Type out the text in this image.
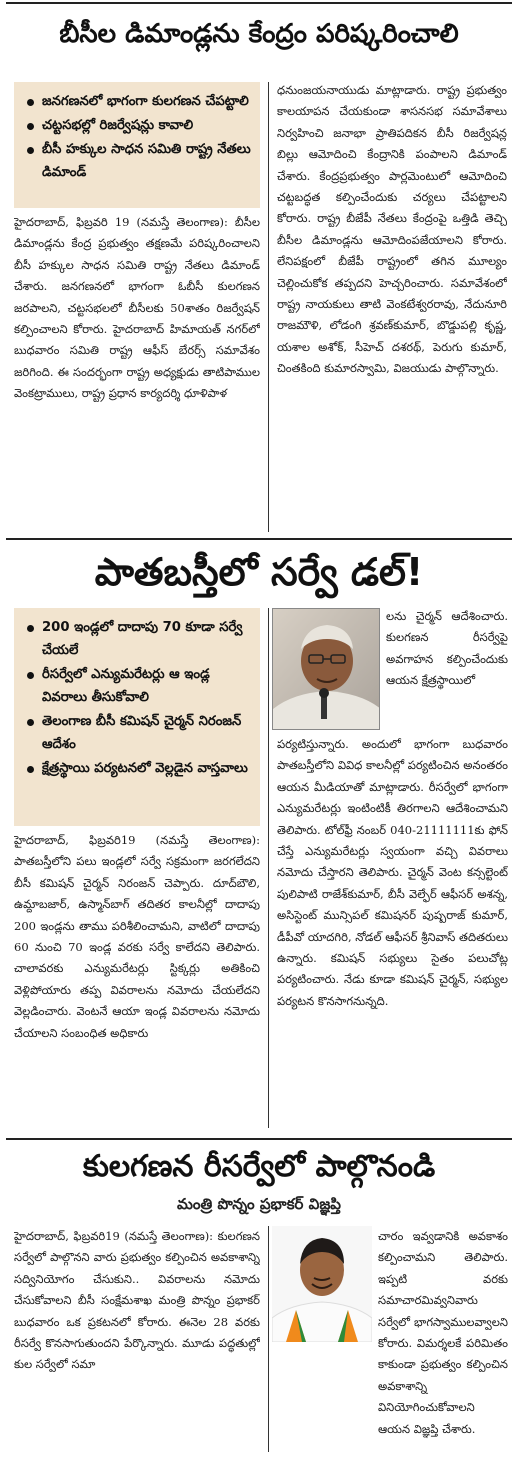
బీసీల డిమాండ్లను కేంద్రం పరిష్కరించాలి
జనగణనలో భాగంగా కులగణన చేపట్టాలి
చట్టసభల్లో రిజర్వేషన్లు కావాలి
బీసీ హక్కుల సాధన సమితి రాష్ట్ర నేతలు డిమాండ్

హైదరాబాద్, ఫిబ్రవరి 19 (నమస్తే తెలంగాణ): బీసీల డిమాండ్లను కేంద్ర ప్రభుత్వం తక్షణమే పరిష్కరించాలని బీసీ హక్కుల సాధన సమితి రాష్ట్ర నేతలు డిమాండ్ చేశారు. జనగణనలో భాగంగా ఓబీసీ కులగణన జరపాలని, చట్టసభలలో బీసీలకు 50శాతం రిజర్వేషన్ కల్పించాలని కోరారు. హైదరాబాద్ హిమాయత్ నగర్‌లో బుధవారం సమితి రాష్ట్ర ఆఫీస్ బేరర్స్ సమావేశం జరిగింది. ఈ సందర్భంగా రాష్ట్ర అధ్యక్షుడు తాటిపాముల వెంకట్రాములు, రాష్ట్ర ప్రధాన కార్యదర్శి ధూళిపాళ

ధనుంజయనాయుడు మాట్లాడారు. రాష్ట్ర ప్రభుత్వం కాలయాపన చేయకుండా శాసనసభ సమావేశాలు నిర్వహించి జనాభా ప్రాతిపదికన బీసీ రిజర్వేషన్ల బిల్లు ఆమోదించి కేంద్రానికి పంపాలని డిమాండ్ చేశారు. కేంద్రప్రభుత్వం పార్లమెంటులో ఆమోదించి చట్టబద్ధత కల్పించేందుకు చర్యలు చేపట్టాలని కోరారు. రాష్ట్ర బీజేపీ నేతలు కేంద్రంపై ఒత్తిడి తెచ్చి బీసీల డిమాండ్లను ఆమోదింపజేయాలని కోరారు. లేనిపక్షంలో బీజేపీ రాష్ట్రంలో తగిన మూల్యం చెల్లించుకోక తప్పదని హెచ్చరించారు. సమావేశంలో రాష్ట్ర నాయకులు తాటి వెంకటేశ్వరరావు, నేదునూరి రాజమౌళి, లోడంగి శ్రవణ్‌కుమార్, బొడ్డుపల్లి కృష్ణ, యశాల అశోక్, సీహెచ్ దశరథ్, పెరుగు కుమార్, చింతకింది కుమారస్వామి, విజయుడు పాల్గొన్నారు.

పాతబస్తీలో సర్వే డల్!
200 ఇండ్లలో దాదాపు 70 కూడా సర్వే చేయలే
రీసర్వేలో ఎన్యుమరేటర్లు ఆ ఇండ్ల వివరాలు తీసుకోవాలి
తెలంగాణ బీసీ కమిషన్ చైర్మన్ నిరంజన్ ఆదేశం
క్షేత్రస్థాయి పర్యటనలో వెల్లడైన వాస్తవాలు

హైదరాబాద్, ఫిబ్రవరి19 (నమస్తే తెలంగాణ): పాతబస్తీలోని పలు ఇండ్లలో సర్వే సక్రమంగా జరగలేదని బీసీ కమిషన్ చైర్మన్ నిరంజన్ చెప్పారు. దూద్‌బౌలి, ఉమ్దాబజార్, ఉస్మాన్‌బాగ్ తదితర కాలనీల్లో దాదాపు 200 ఇండ్లను తాము పరిశీలించామని, వాటిలో దాదాపు 60 నుంచి 70 ఇండ్ల వరకు సర్వే కాలేదని తెలిపారు. చాలావరకు ఎన్యుమరేటర్లు స్టిక్కర్లు అతికించి వెళ్లిపోయారు తప్ప వివరాలను నమోదు చేయలేదని వెల్లడించారు. వెంటనే ఆయా ఇండ్ల వివరాలను నమోదు చేయాలని సంబంధిత అధికారు

లను చైర్మన్ ఆదేశించారు. కులగణన రీసర్వేపై అవగాహన కల్పించేందుకు ఆయన క్షేత్రస్థాయిలో

పర్యటిస్తున్నారు. అందులో భాగంగా బుధవారం పాతబస్తీలోని వివిధ కాలనీల్లో పర్యటించిన అనంతరం ఆయన మీడియాతో మాట్లాడారు. రీసర్వేలో భాగంగా ఎన్యుమరేటర్లు ఇంటింటికీ తిరగాలని ఆదేశించామని తెలిపారు. టోల్‌ఫ్రీ నంబర్ 040-21111111కు ఫోన్ చేస్తే ఎన్యుమరేటర్లు స్వయంగా వచ్చి వివరాలు నమోదు చేస్తారని తెలిపారు. చైర్మన్ వెంట కన్సల్టెంట్ పులిపాటి రాజేశ్‌కుమార్, బీసీ వెల్ఫేర్ ఆఫీసర్ అశన్న, అసిస్టెంట్ మున్సిపల్ కమిషనర్ పుష్పరాజ్ కుమార్, డీపీవో యాదగిరి, నోడల్ ఆఫీసర్ శ్రీనివాస్ తదితరులు ఉన్నారు. కమిషన్ సభ్యులు సైతం పలుచోట్ల పర్యటించారు. నేడు కూడా కమిషన్ చైర్మన్, సభ్యుల పర్యటన కొనసాగనున్నది.

కులగణన రీసర్వేలో పాల్గొనండి
మంత్రి పొన్నం ప్రభాకర్ విజ్ఞప్తి

హైదరాబాద్, ఫిబ్రవరి19 (నమస్తే తెలంగాణ): కులగణన సర్వేలో పాల్గొనని వారు ప్రభుత్వం కల్పించిన అవకాశాన్ని సద్వినియోగం చేసుకుని.. వివరాలను నమోదు చేసుకోవాలని బీసీ సంక్షేమశాఖ మంత్రి పొన్నం ప్రభాకర్ బుధవారం ఒక ప్రకటనలో కోరారు. ఈనెల 28 వరకు రీసర్వే కొనసాగుతుందని పేర్కొన్నారు. మూడు పద్ధతుల్లో కుల సర్వేలో సమా

చారం ఇవ్వడానికి అవకాశం కల్పించామని తెలిపారు. ఇప్పటి వరకు సమాచారమివ్వనివారు సర్వేలో భాగస్వాములవ్వాలని కోరారు. విమర్శలకే పరిమితం కాకుండా ప్రభుత్వం కల్పించిన అవకాశాన్ని వినియోగించుకోవాలని ఆయన విజ్ఞప్తి చేశారు.
